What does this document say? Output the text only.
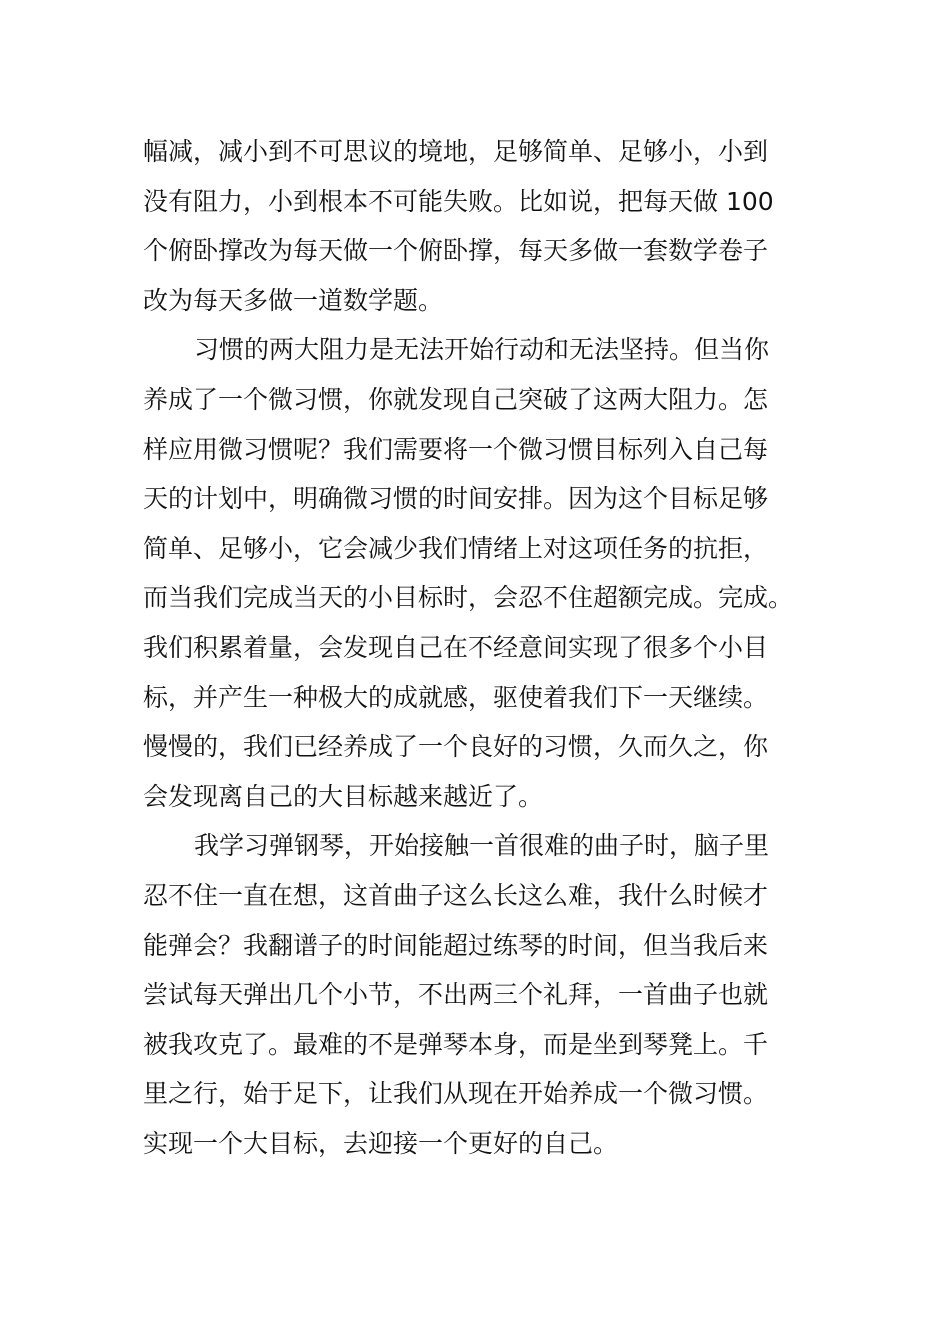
幅减，减小到不可思议的境地，足够简单、足够小，小到
没有阻力，小到根本不可能失败。比如说，把每天做 100
个俯卧撑改为每天做一个俯卧撑，每天多做一套数学卷子
改为每天多做一道数学题。
习惯的两大阻力是无法开始行动和无法坚持。但当你
养成了一个微习惯，你就发现自己突破了这两大阻力。怎
样应用微习惯呢？我们需要将一个微习惯目标列入自己每
天的计划中，明确微习惯的时间安排。因为这个目标足够
简单、足够小，它会减少我们情绪上对这项任务的抗拒，
而当我们完成当天的小目标时，会忍不住超额完成。完成。
我们积累着量，会发现自己在不经意间实现了很多个小目
标，并产生一种极大的成就感，驱使着我们下一天继续。
慢慢的，我们已经养成了一个良好的习惯，久而久之，你
会发现离自己的大目标越来越近了。
我学习弹钢琴，开始接触一首很难的曲子时，脑子里
忍不住一直在想，这首曲子这么长这么难，我什么时候才
能弹会？我翻谱子的时间能超过练琴的时间，但当我后来
尝试每天弹出几个小节，不出两三个礼拜，一首曲子也就
被我攻克了。最难的不是弹琴本身，而是坐到琴凳上。千
里之行，始于足下，让我们从现在开始养成一个微习惯。
实现一个大目标，去迎接一个更好的自己。
